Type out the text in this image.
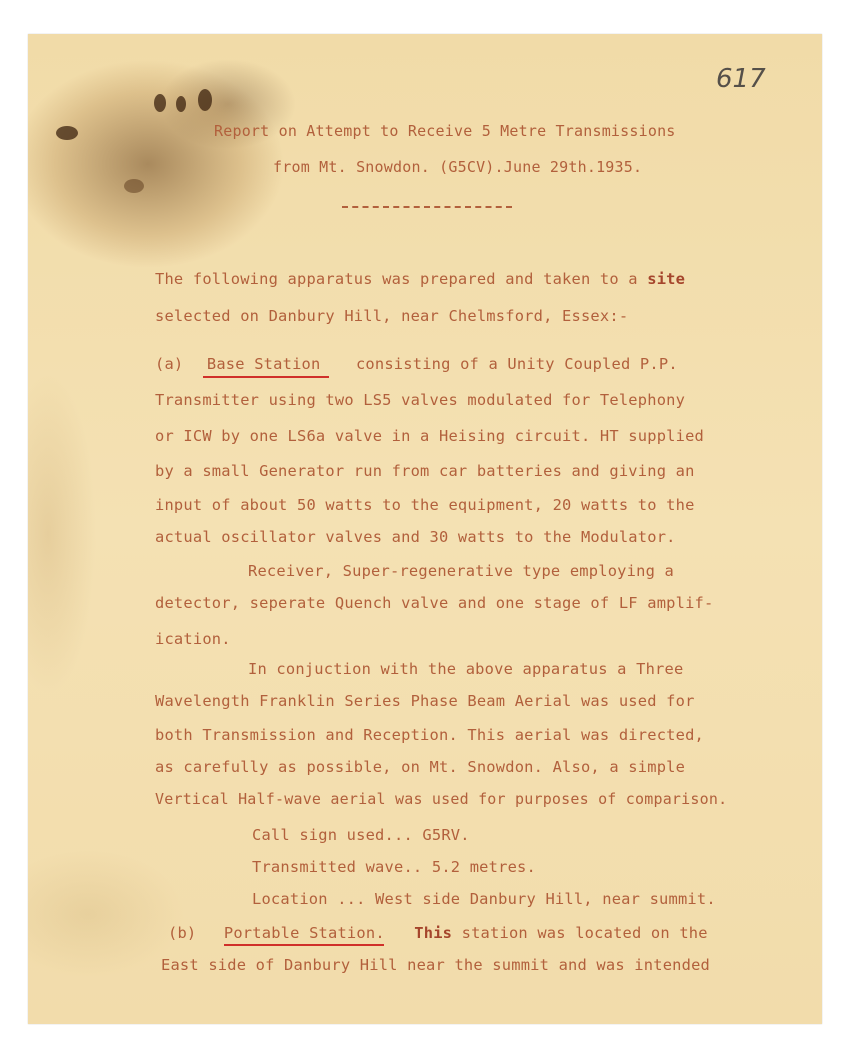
617
Report on Attempt to Receive 5 Metre Transmissions
from Mt. Snowdon. (G5CV).June 29th.1935.
The following apparatus was prepared and taken to a site
selected on Danbury Hill, near Chelmsford, Essex:-
(a) Base Station consisting of a Unity Coupled P.P.
Transmitter using two LS5 valves modulated for Telephony
or ICW by one LS6a valve in a Heising circuit. HT supplied
by a small Generator run from car batteries and giving an
input of about 50 watts to the equipment, 20 watts to the
actual oscillator valves and 30 watts to the Modulator.
Receiver, Super-regenerative type employing a
detector, seperate Quench valve and one stage of LF amplif-
ication.
In conjuction with the above apparatus a Three
Wavelength Franklin Series Phase Beam Aerial was used for
both Transmission and Reception. This aerial was directed,
as carefully as possible, on Mt. Snowdon. Also, a simple
Vertical Half-wave aerial was used for purposes of comparison.
Call sign used... G5RV.
Transmitted wave.. 5.2 metres.
Location ... West side Danbury Hill, near summit.
(b) Portable Station. This station was located on the
East side of Danbury Hill near the summit and was intended
